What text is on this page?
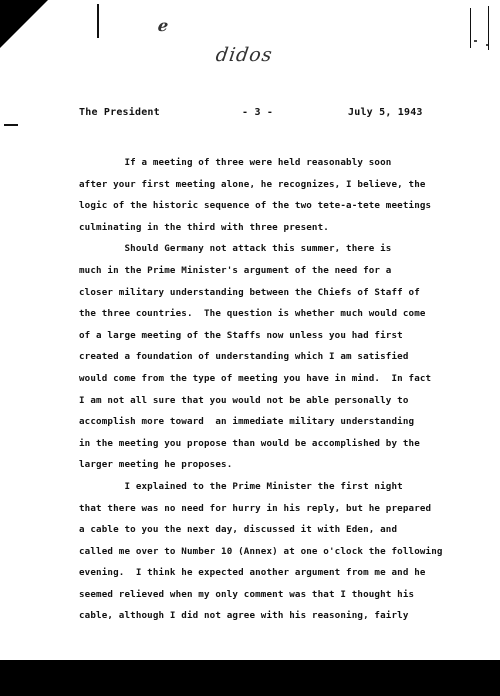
e
didos
The President	- 3 -	July 5, 1943
If a meeting of three were held reasonably soon
after your first meeting alone, he recognizes, I believe, the
logic of the historic sequence of the two tete-a-tete meetings
culminating in the third with three present.
Should Germany not attack this summer, there is
much in the Prime Minister's argument of the need for a
closer military understanding between the Chiefs of Staff of
the three countries.  The question is whether much would come
of a large meeting of the Staffs now unless you had first
created a foundation of understanding which I am satisfied
would come from the type of meeting you have in mind.  In fact
I am not all sure that you would not be able personally to
accomplish more toward  an immediate military understanding
in the meeting you propose than would be accomplished by the
larger meeting he proposes.
I explained to the Prime Minister the first night
that there was no need for hurry in his reply, but he prepared
a cable to you the next day, discussed it with Eden, and
called me over to Number 10 (Annex) at one o'clock the following
evening.  I think he expected another argument from me and he
seemed relieved when my only comment was that I thought his
cable, although I did not agree with his reasoning, fairly
